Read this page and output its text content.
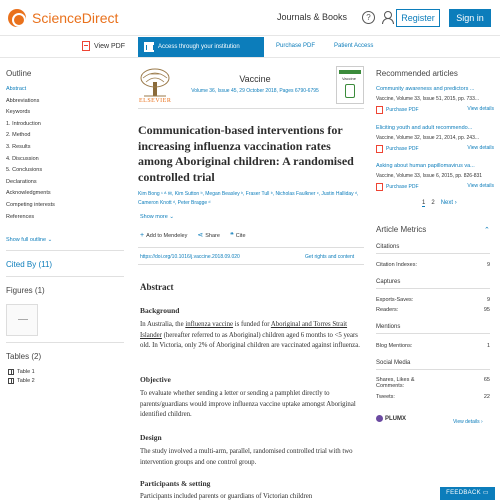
ScienceDirect	Journals & Books	?	Register	Sign in
View PDF	Access through your institution	Purchase PDF	Patient Access
Outline
Abstract
Abbreviations
Keywords
1. Introduction
2. Method
3. Results
4. Discussion
5. Conclusions
Declarations
Acknowledgments
Competing interests
References
Show full outline ⌄
Cited By (11)
Figures (1)
Tables (2)
Table 1
Table 2
ELSEVIER
Vaccine
Volume 36, Issue 45, 29 October 2018, Pages 6790-6795
Vaccine
Communication-based interventions for increasing influenza vaccination rates among Aboriginal children: A randomised controlled trial
Kim Bong ¹ ᴬ ✉, Kim Sutton ᵇ, Megan Beasley ᵇ, Fraser Tull ᵇ, Nicholas Faulkner ᶜ, Justin Halliday ᵈ, Cameron Knott ᵈ, Peter Bragge ᵈ
Show more ⌄
+ Add to Mendeley ⋖ Share ❝ Cite
https://doi.org/10.1016/j.vaccine.2018.09.020	Get rights and content
Abstract
Background

In Australia, the influenza vaccine is funded for Aboriginal and Torres Strait Islander (hereafter referred to as Aboriginal) children aged 6 months to <5 years old. In Victoria, only 2% of Aboriginal children are vaccinated against influenza.

Objective

To evaluate whether sending a letter or sending a pamphlet directly to parents/guardians would improve influenza vaccine uptake amongst Aboriginal identified children.

Design

The study involved a multi-arm, parallel, randomised controlled trial with two intervention groups and one control group.

Participants & setting

Participants included parents or guardians of Victorian children

Recommended articles
Community awareness and predictors ...
Vaccine, Volume 33, Issue 51, 2015, pp. 733...
Purchase PDF	View details
Eliciting youth and adult recommendo...
Vaccine, Volume 32, Issue 21, 2014, pp. 243...
Purchase PDF	View details
Asking about human papillomavirus va...
Vaccine, Volume 33, Issue 6, 2015, pp. 826-831
Purchase PDF	View details
1 2 Next ›
Article Metrics	⌃
Citations
Citation Indexes:	9
Captures
Exports-Saves:	9
Readers:	95
Mentions
Blog Mentions:	1
Social Media
Shares, Likes & Comments:
65
Tweets:	22
PLUMX
View details ›
FEEDBACK ▭
